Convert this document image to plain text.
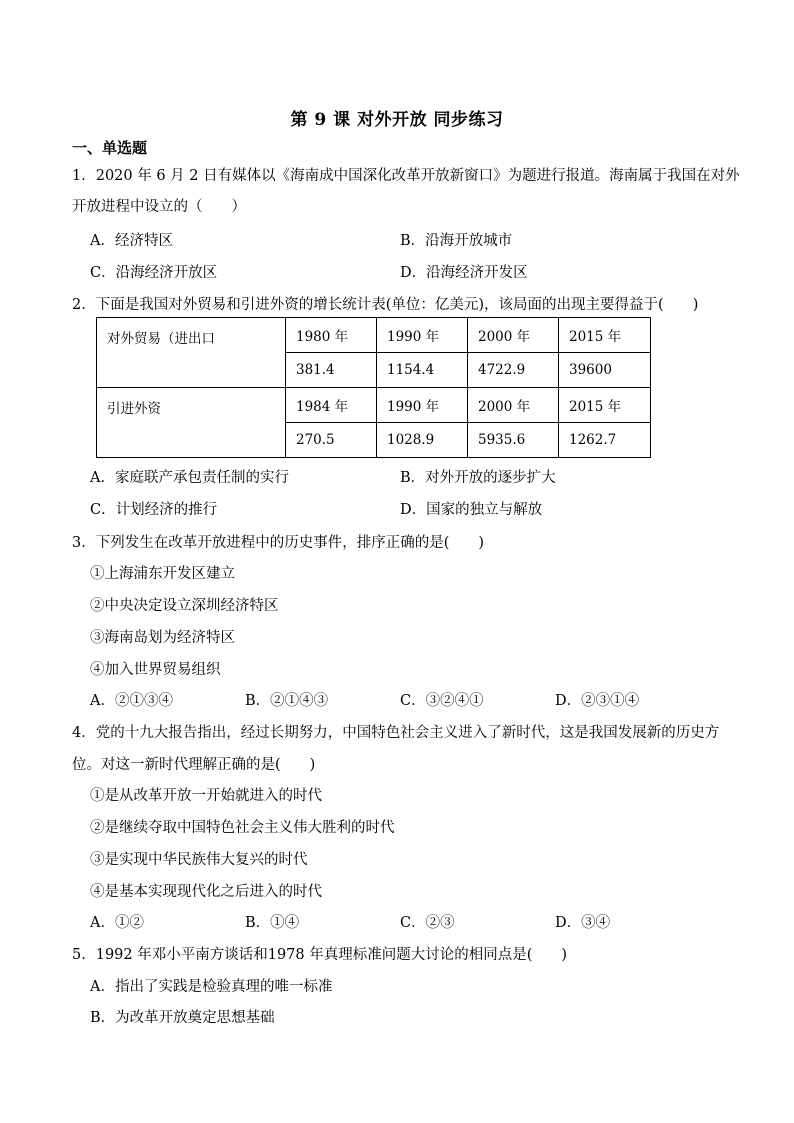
第 9 课 对外开放 同步练习
一、单选题
1．2020 年 6 月 2 日有媒体以《海南成中国深化改革开放新窗口》为题进行报道。海南属于我国在对外
开放进程中设立的（　　）
A．经济特区	B．沿海开放城市
C．沿海经济开放区	D．沿海经济开发区
2．下面是我国对外贸易和引进外资的增长统计表(单位：亿美元)，该局面的出现主要得益于(　　)
对外贸易（进出口	1980 年	1990 年	2000 年	2015 年
	381.4	1154.4	4722.9	39600
引进外资	1984 年	1990 年	2000 年	2015 年
	270.5	1028.9	5935.6	1262.7
A．家庭联产承包责任制的实行	B．对外开放的逐步扩大
C．计划经济的推行	D．国家的独立与解放
3．下列发生在改革开放进程中的历史事件，排序正确的是(　　)
①上海浦东开发区建立
②中央决定设立深圳经济特区
③海南岛划为经济特区
④加入世界贸易组织
A．②①③④	B．②①④③	C．③②④①	D．②③①④
4．党的十九大报告指出，经过长期努力，中国特色社会主义进入了新时代，这是我国发展新的历史方
位。对这一新时代理解正确的是(　　)
①是从改革开放一开始就进入的时代
②是继续夺取中国特色社会主义伟大胜利的时代
③是实现中华民族伟大复兴的时代
④是基本实现现代化之后进入的时代
A．①②	B．①④	C．②③	D．③④
5．1992 年邓小平南方谈话和1978 年真理标准问题大讨论的相同点是(　　)
A．指出了实践是检验真理的唯一标准
B．为改革开放奠定思想基础
